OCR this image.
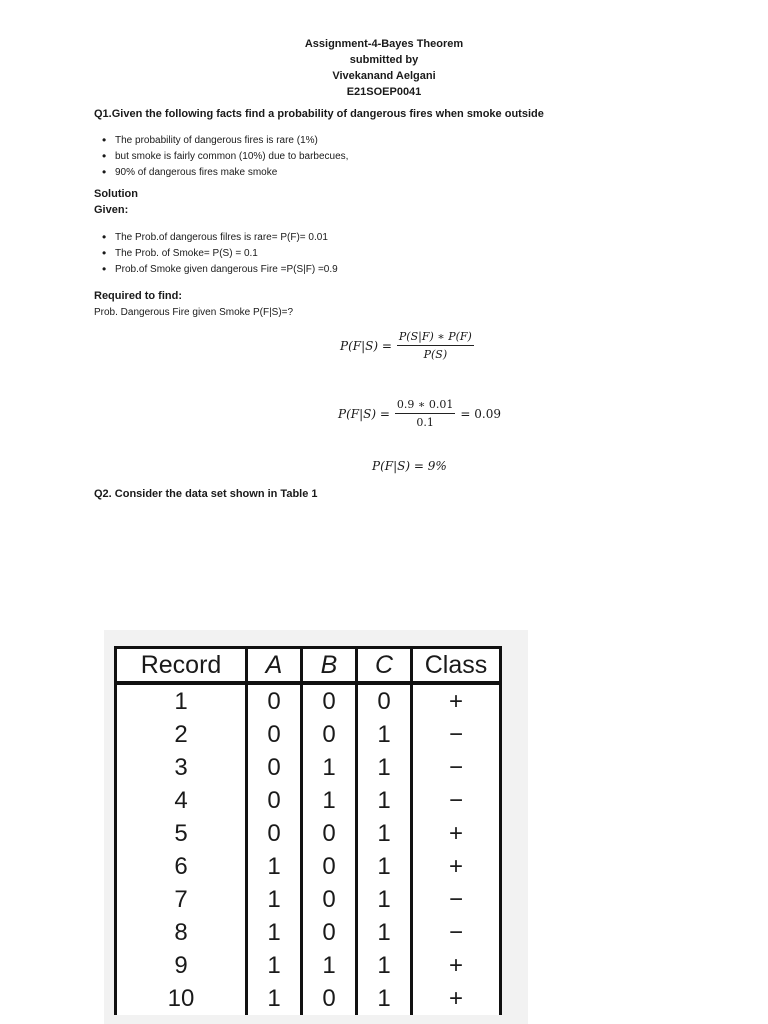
Assignment-4-Bayes Theorem
submitted by
Vivekanand Aelgani
E21SOEP0041
Q1.Given the following facts find a probability of dangerous fires when smoke outside
• The probability of dangerous fires is rare (1%)
• but smoke is fairly common (10%) due to barbecues,
• 90% of dangerous fires make smoke
Solution
Given:
• The Prob.of dangerous filres is rare= P(F)= 0.01
• The Prob. of Smoke= P(S) = 0.1
• Prob.of Smoke given dangerous Fire =P(S|F) =0.9
Required to find:
Prob. Dangerous Fire given Smoke P(F|S)=?
$P(F|S) = \frac{P(S|F) ∗ P(F)}{P(S)}$
$P(F|S) = \frac{0.9 ∗ 0.01}{0.1} = 0.09$
P(F|S) = 9%
Q2. Consider the data set shown in Table 1
Record	A	B	C	Class
1	0	0	0	+
2	0	0	1	−
3	0	1	1	−
4	0	1	1	−
5	0	0	1	+
6	1	0	1	+
7	1	0	1	−
8	1	0	1	−
9	1	1	1	+
10	1	0	1	+
